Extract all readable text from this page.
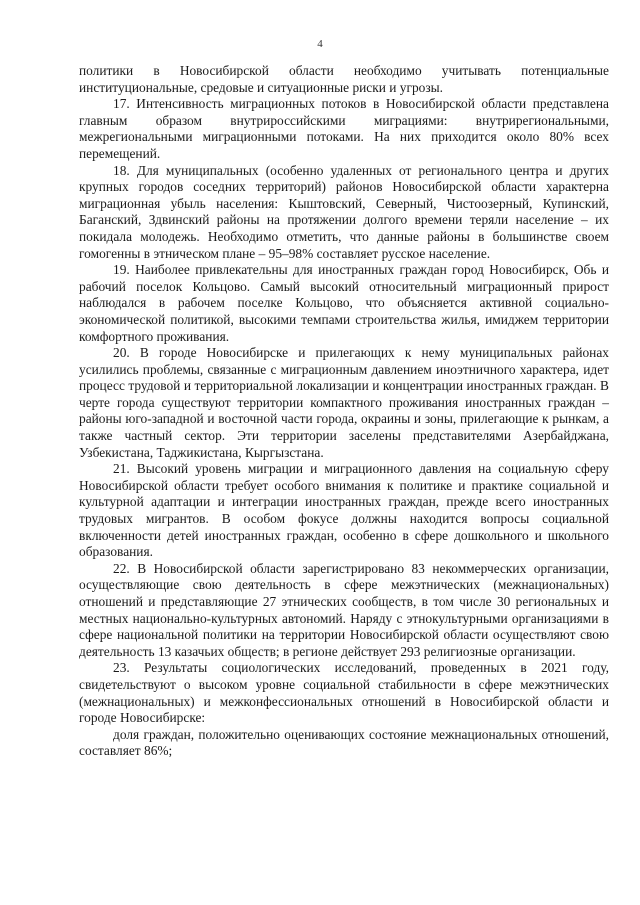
4

политики в Новосибирской области необходимо учитывать потенциальные институциональные, средовые и ситуационные риски и угрозы.

17. Интенсивность миграционных потоков в Новосибирской области представлена главным образом внутрироссийскими миграциями: внутрирегиональными, межрегиональными миграционными потоками. На них приходится около 80% всех перемещений.

18. Для муниципальных (особенно удаленных от регионального центра и других крупных городов соседних территорий) районов Новосибирской области характерна миграционная убыль населения: Кыштовский, Северный, Чистоозерный, Купинский, Баганский, Здвинский районы на протяжении долгого времени теряли население – их покидала молодежь. Необходимо отметить, что данные районы в большинстве своем гомогенны в этническом плане – 95–98% составляет русское население.

19. Наиболее привлекательны для иностранных граждан город Новосибирск, Обь и рабочий поселок Кольцово. Самый высокий относительный миграционный прирост наблюдался в рабочем поселке Кольцово, что объясняется активной социально-экономической политикой, высокими темпами строительства жилья, имиджем территории комфортного проживания.

20. В городе Новосибирске и прилегающих к нему муниципальных районах усилились проблемы, связанные с миграционным давлением иноэтничного характера, идет процесс трудовой и территориальной локализации и концентрации иностранных граждан. В черте города существуют территории компактного проживания иностранных граждан – районы юго-западной и восточной части города, окраины и зоны, прилегающие к рынкам, а также частный сектор. Эти территории заселены представителями Азербайджана, Узбекистана, Таджикистана, Кыргызстана.

21. Высокий уровень миграции и миграционного давления на социальную сферу Новосибирской области требует особого внимания к политике и практике социальной и культурной адаптации и интеграции иностранных граждан, прежде всего иностранных трудовых мигрантов. В особом фокусе должны находится вопросы социальной включенности детей иностранных граждан, особенно в сфере дошкольного и школьного образования.

22. В Новосибирской области зарегистрировано 83 некоммерческих организации, осуществляющие свою деятельность в сфере межэтнических (межнациональных) отношений и представляющие 27 этнических сообществ, в том числе 30 региональных и местных национально-культурных автономий. Наряду с этнокультурными организациями в сфере национальной политики на территории Новосибирской области осуществляют свою деятельность 13 казачьих обществ; в регионе действует 293 религиозные организации.

23. Результаты социологических исследований, проведенных в 2021 году, свидетельствуют о высоком уровне социальной стабильности в сфере межэтнических (межнациональных) и межконфессиональных отношений в Новосибирской области и городе Новосибирске:

доля граждан, положительно оценивающих состояние межнациональных отношений, составляет 86%;
